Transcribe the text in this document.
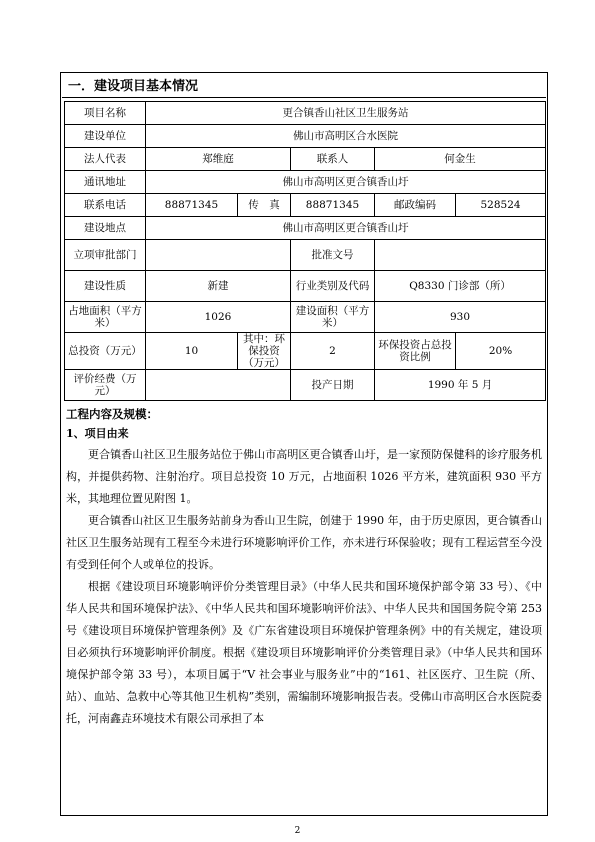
一．建设项目基本情况
项目名称	更合镇香山社区卫生服务站				
建设单位	佛山市高明区合水医院				
法人代表	郑维庭		联系人	何金生	
通讯地址	佛山市高明区更合镇香山圩				
联系电话	88871345	传　真	88871345	邮政编码	528524
建设地点	佛山市高明区更合镇香山圩				
立项审批部门			批准文号		
建设性质	新建		行业类别及代码	Q8330 门诊部（所）	
占地面积（平方米）	1026		建设面积（平方米）	930	
总投资（万元）	10	其中：环保投资（万元）	2	环保投资占总投资比例	20%
评价经费（万元）			投产日期	1990 年 5 月	
工程内容及规模：
1、项目由来

更合镇香山社区卫生服务站位于佛山市高明区更合镇香山圩，是一家预防保健科的诊疗服务机构，并提供药物、注射治疗。项目总投资 10 万元，占地面积 1026 平方米，建筑面积 930 平方米，其地理位置见附图 1。

更合镇香山社区卫生服务站前身为香山卫生院，创建于 1990 年，由于历史原因，更合镇香山社区卫生服务站现有工程至今未进行环境影响评价工作，亦未进行环保验收；现有工程运营至今没有受到任何个人或单位的投诉。

根据《建设项目环境影响评价分类管理目录》（中华人民共和国环境保护部令第 33 号）、《中华人民共和国环境保护法》、《中华人民共和国环境影响评价法》、中华人民共和国国务院令第 253 号《建设项目环境保护管理条例》及《广东省建设项目环境保护管理条例》中的有关规定，建设项目必须执行环境影响评价制度。根据《建设项目环境影响评价分类管理目录》（中华人民共和国环境保护部令第 33 号），本项目属于“V 社会事业与服务业”中的“161、社区医疗、卫生院（所、站）、血站、急救中心等其他卫生机构”类别，需编制环境影响报告表。受佛山市高明区合水医院委托，河南鑫垚环境技术有限公司承担了本

2
